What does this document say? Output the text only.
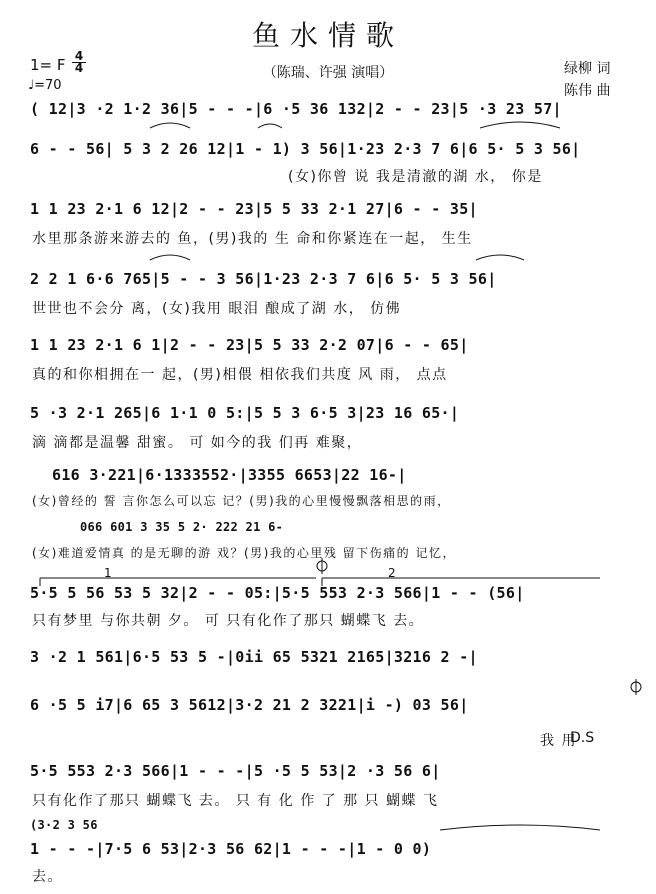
鱼水情歌
（陈瑞、许强 演唱）
1= F $\frac{4}{4}$
♩=70
绿柳 词
陈伟 曲
( 12|3 ·2 1·2 36|5 - - -|6 ·5 36 132|2 - - 23|5 ·3 23 57|
6 - - 56| 5 3 2 26 12|1 - 1) 3 56|1·23 2·3 7 6|6 5· 5 3 56|
(女)你曾 说 我是清澈的湖 水， 你是
1 1 23 2·1 6 12|2 - - 23|5 5 33 2·1 27|6 - - 35|
水里那条游来游去的 鱼，(男)我的 生 命和你紧连在一起， 生生
2 2 1 6·6 765|5 - - 3 56|1·23 2·3 7 6|6 5· 5 3 56|
世世也不会分 离，(女)我用 眼泪 酿成了湖 水， 仿佛
1 1 23 2·1 6 1|2 - - 23|5 5 33 2·2 07|6 - - 65|
真的和你相拥在一 起，(男)相偎 相依我们共度 风 雨， 点点
5 ·3 2·1 265|6 1·1 0 5:|5 5 3 6·5 3|23 16 65·|
滴 滴都是温馨 甜蜜。 可 如今的我 们再 难聚，
616 3·221|6·1333552·|3355 6653|22 16-|
(女)曾经的 誓 言你怎么可以忘 记？(男)我的心里慢慢飘落相思的雨，
066 601 3 35 5 2· 222 21 6-
(女)难道爱情真 的是无聊的游 戏？(男)我的心里残 留下伤痛的 记忆，
5·5 5 56 53 5 32|2 - - 05:|5·5 553 2·3 566|1 - - (56|
只有梦里 与你共朝 夕。 可 只有化作了那只 蝴蝶飞 去。
3 ·2 1 561|6·5 53 5 -|0ii 65 5321 2165|3216 2 -|
6 ·5 5 i7|6 65 3 5612|3·2 21 2 3221|i -) 03 56|
我 用
D.S
5·5 553 2·3 566|1 - - -|5 ·5 5 53|2 ·3 56 6|
只有化作了那只 蝴蝶飞 去。 只 有 化 作 了 那 只 蝴蝶 飞
(3·2 3 56
1 - - -|7·5 6 53|2·3 56 62|1 - - -|1 - 0 0)
去。
1	2
